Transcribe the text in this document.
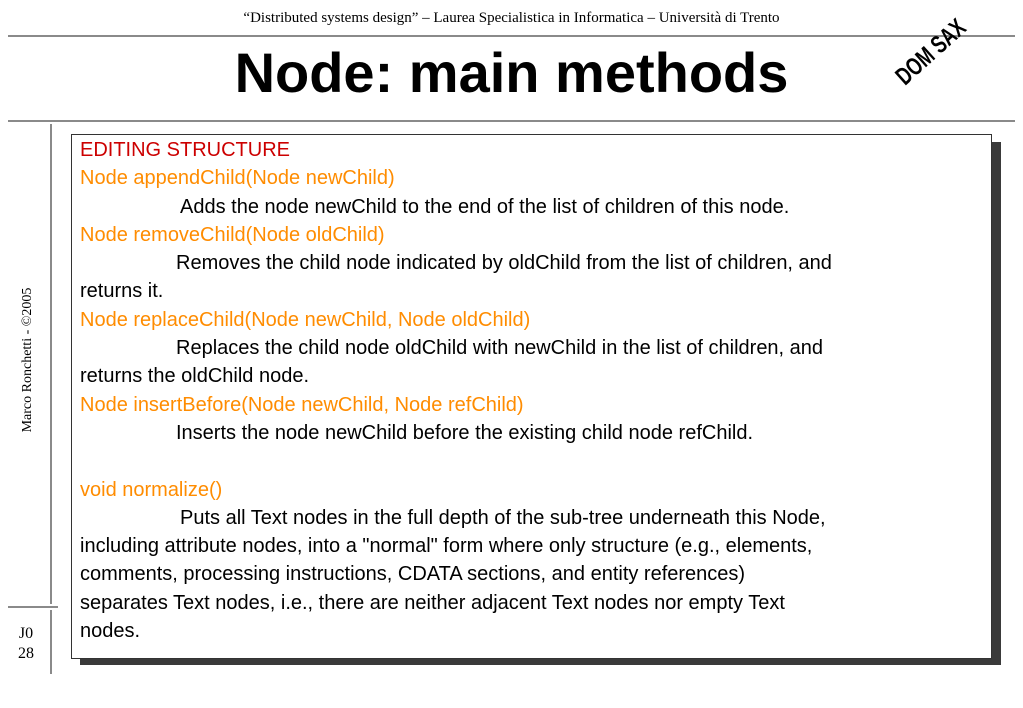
“Distributed systems design” – Laurea Specialistica in Informatica – Università di Trento
Node: main methods	DOM SAX
Marco Ronchetti - ©2005
J0
28
EDITING STRUCTURE
Node appendChild(Node newChild)
Adds the node newChild to the end of the list of children of this node.
Node removeChild(Node oldChild)
Removes the child node indicated by oldChild from the list of children, and
returns it.
Node replaceChild(Node newChild, Node oldChild)
Replaces the child node oldChild with newChild in the list of children, and
returns the oldChild node.
Node insertBefore(Node newChild, Node refChild)
Inserts the node newChild before the existing child node refChild.
void normalize()
Puts all Text nodes in the full depth of the sub-tree underneath this Node,
including attribute nodes, into a "normal" form where only structure (e.g., elements,
comments, processing instructions, CDATA sections, and entity references)
separates Text nodes, i.e., there are neither adjacent Text nodes nor empty Text
nodes.
